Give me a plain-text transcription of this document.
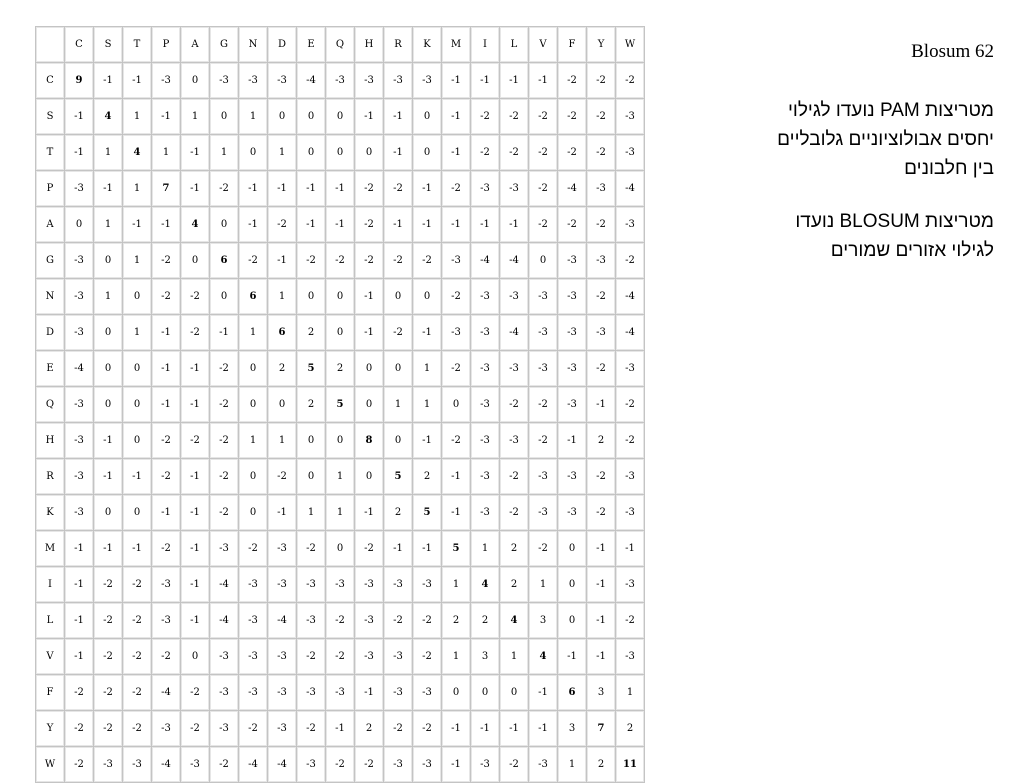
	C	S	T	P	A	G	N	D	E	Q	H	R	K	M	I	L	V	F	Y	W
C	9	-1	-1	-3	0	-3	-3	-3	-4	-3	-3	-3	-3	-1	-1	-1	-1	-2	-2	-2
S	-1	4	1	-1	1	0	1	0	0	0	-1	-1	0	-1	-2	-2	-2	-2	-2	-3
T	-1	1	4	1	-1	1	0	1	0	0	0	-1	0	-1	-2	-2	-2	-2	-2	-3
P	-3	-1	1	7	-1	-2	-1	-1	-1	-1	-2	-2	-1	-2	-3	-3	-2	-4	-3	-4
A	0	1	-1	-1	4	0	-1	-2	-1	-1	-2	-1	-1	-1	-1	-1	-2	-2	-2	-3
G	-3	0	1	-2	0	6	-2	-1	-2	-2	-2	-2	-2	-3	-4	-4	0	-3	-3	-2
N	-3	1	0	-2	-2	0	6	1	0	0	-1	0	0	-2	-3	-3	-3	-3	-2	-4
D	-3	0	1	-1	-2	-1	1	6	2	0	-1	-2	-1	-3	-3	-4	-3	-3	-3	-4
E	-4	0	0	-1	-1	-2	0	2	5	2	0	0	1	-2	-3	-3	-3	-3	-2	-3
Q	-3	0	0	-1	-1	-2	0	0	2	5	0	1	1	0	-3	-2	-2	-3	-1	-2
H	-3	-1	0	-2	-2	-2	1	1	0	0	8	0	-1	-2	-3	-3	-2	-1	2	-2
R	-3	-1	-1	-2	-1	-2	0	-2	0	1	0	5	2	-1	-3	-2	-3	-3	-2	-3
K	-3	0	0	-1	-1	-2	0	-1	1	1	-1	2	5	-1	-3	-2	-3	-3	-2	-3
M	-1	-1	-1	-2	-1	-3	-2	-3	-2	0	-2	-1	-1	5	1	2	-2	0	-1	-1
I	-1	-2	-2	-3	-1	-4	-3	-3	-3	-3	-3	-3	-3	1	4	2	1	0	-1	-3
L	-1	-2	-2	-3	-1	-4	-3	-4	-3	-2	-3	-2	-2	2	2	4	3	0	-1	-2
V	-1	-2	-2	-2	0	-3	-3	-3	-2	-2	-3	-3	-2	1	3	1	4	-1	-1	-3
F	-2	-2	-2	-4	-2	-3	-3	-3	-3	-3	-1	-3	-3	0	0	0	-1	6	3	1
Y	-2	-2	-2	-3	-2	-3	-2	-3	-2	-1	2	-2	-2	-1	-1	-1	-1	3	7	2
W	-2	-3	-3	-4	-3	-2	-4	-4	-3	-2	-2	-3	-3	-1	-3	-2	-3	1	2	11
Blosum 62
מטריצות PAM נועדו לגילוי
יחסים אבולוציוניים גלובליים
בין חלבונים
מטריצות BLOSUM נועדו
לגילוי אזורים שמורים
